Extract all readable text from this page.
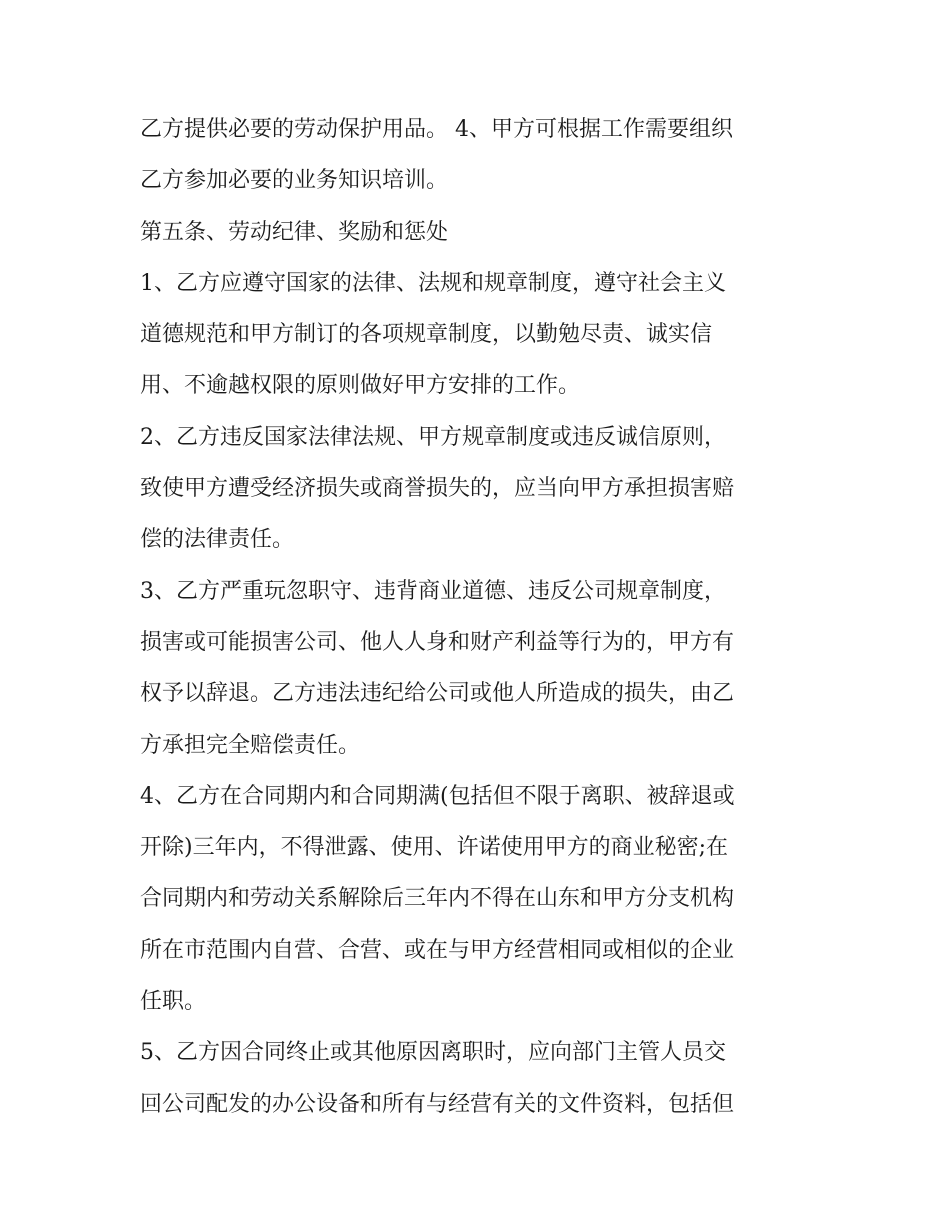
乙方提供必要的劳动保护用品。 4、甲方可根据工作需要组织
乙方参加必要的业务知识培训。
第五条、劳动纪律、奖励和惩处
1、乙方应遵守国家的法律、法规和规章制度，遵守社会主义
道德规范和甲方制订的各项规章制度，以勤勉尽责、诚实信
用、不逾越权限的原则做好甲方安排的工作。
2、乙方违反国家法律法规、甲方规章制度或违反诚信原则，
致使甲方遭受经济损失或商誉损失的，应当向甲方承担损害赔
偿的法律责任。
3、乙方严重玩忽职守、违背商业道德、违反公司规章制度，
损害或可能损害公司、他人人身和财产利益等行为的，甲方有
权予以辞退。乙方违法违纪给公司或他人所造成的损失，由乙
方承担完全赔偿责任。
4、乙方在合同期内和合同期满(包括但不限于离职、被辞退或
开除)三年内，不得泄露、使用、许诺使用甲方的商业秘密;在
合同期内和劳动关系解除后三年内不得在山东和甲方分支机构
所在市范围内自营、合营、或在与甲方经营相同或相似的企业
任职。
5、乙方因合同终止或其他原因离职时，应向部门主管人员交
回公司配发的办公设备和所有与经营有关的文件资料，包括但
